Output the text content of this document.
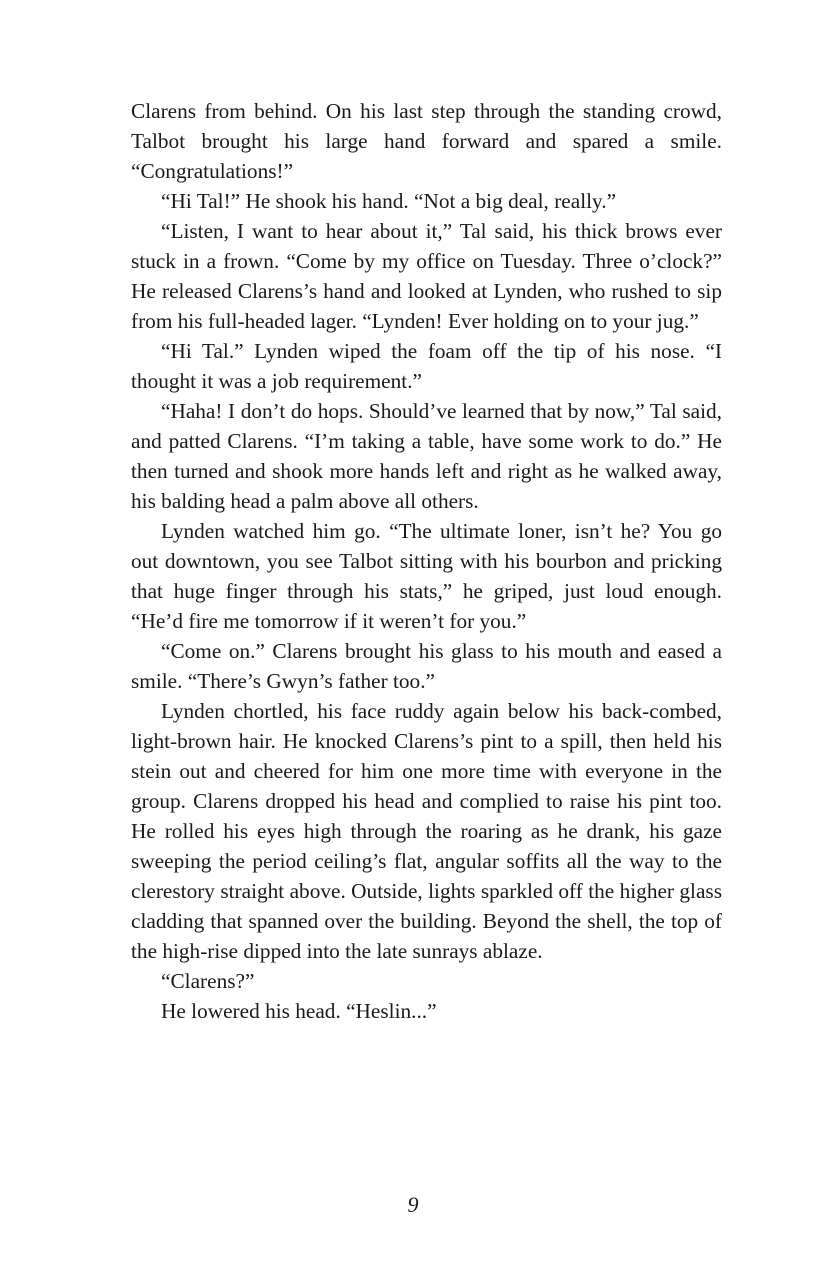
Clarens from behind. On his last step through the standing crowd, Talbot brought his large hand forward and spared a smile. “Congratulations!”

“Hi Tal!” He shook his hand. “Not a big deal, really.”

“Listen, I want to hear about it,” Tal said, his thick brows ever stuck in a frown. “Come by my office on Tuesday. Three o’clock?” He released Clarens’s hand and looked at Lynden, who rushed to sip from his full-headed lager. “Lynden! Ever holding on to your jug.”

“Hi Tal.” Lynden wiped the foam off the tip of his nose. “I thought it was a job requirement.”

“Haha! I don’t do hops. Should’ve learned that by now,” Tal said, and patted Clarens. “I’m taking a table, have some work to do.” He then turned and shook more hands left and right as he walked away, his balding head a palm above all others.

Lynden watched him go. “The ultimate loner, isn’t he? You go out downtown, you see Talbot sitting with his bourbon and pricking that huge finger through his stats,” he griped, just loud enough. “He’d fire me tomorrow if it weren’t for you.”

“Come on.” Clarens brought his glass to his mouth and eased a smile. “There’s Gwyn’s father too.”

Lynden chortled, his face ruddy again below his back-combed, light-brown hair. He knocked Clarens’s pint to a spill, then held his stein out and cheered for him one more time with everyone in the group. Clarens dropped his head and complied to raise his pint too. He rolled his eyes high through the roaring as he drank, his gaze sweeping the period ceiling’s flat, angular soffits all the way to the clerestory straight above. Outside, lights sparkled off the higher glass cladding that spanned over the building. Beyond the shell, the top of the high-rise dipped into the late sunrays ablaze.

“Clarens?”

He lowered his head. “Heslin...”

9
